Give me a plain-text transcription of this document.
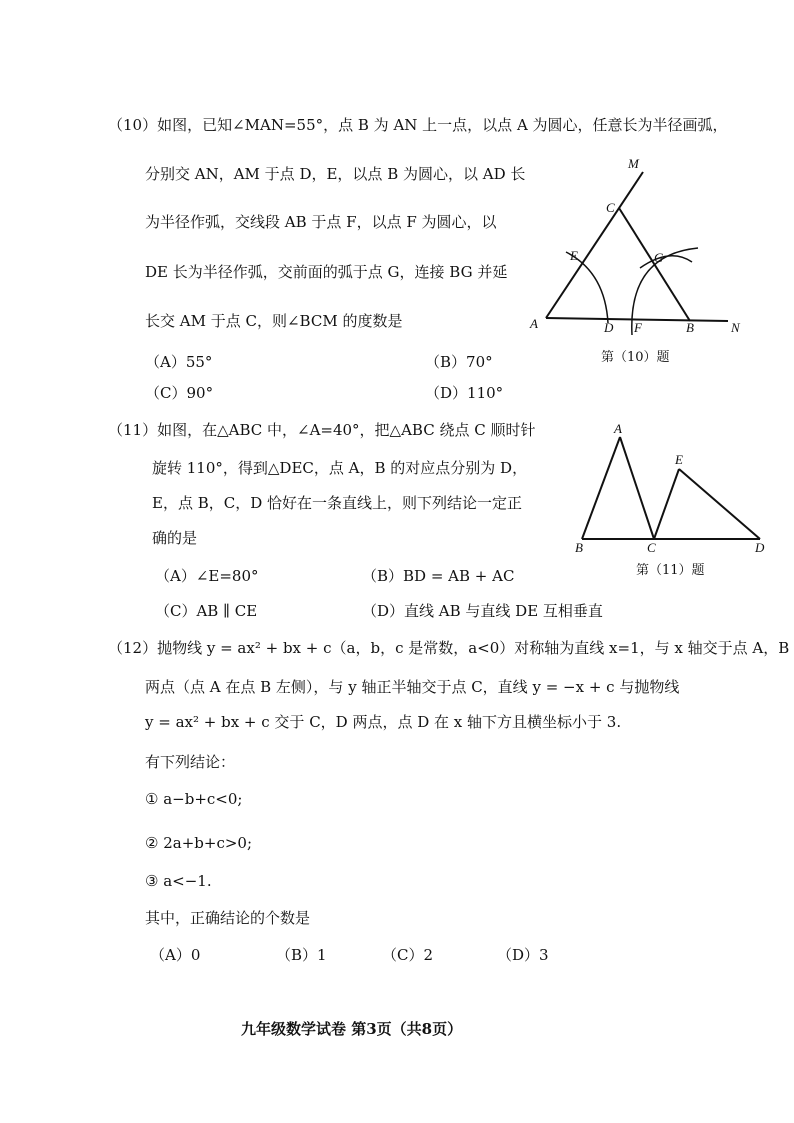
（10）如图，已知∠MAN=55°，点 B 为 AN 上一点，以点 A 为圆心，任意长为半径画弧，
分别交 AN，AM 于点 D，E，以点 B 为圆心，以 AD 长
为半径作弧，交线段 AB 于点 F，以点 F 为圆心，以
DE 长为半径作弧，交前面的弧于点 G，连接 BG 并延
长交 AM 于点 C，则∠BCM 的度数是
（A）55°	（B）70°
（C）90°	（D）110°
M
C
E	G
A	D F	B	N
第（10）题
（11）如图，在△ABC 中，∠A=40°，把△ABC 绕点 C 顺时针
旋转 110°，得到△DEC，点 A，B 的对应点分别为 D，
E，点 B，C，D 恰好在一条直线上，则下列结论一定正
确的是
（A）∠E=80°	（B）BD = AB + AC
（C）AB ∥ CE	（D）直线 AB 与直线 DE 互相垂直
A
E
B	C	D
第（11）题
（12）抛物线 y = ax² + bx + c（a，b，c 是常数，a<0）对称轴为直线 x=1，与 x 轴交于点 A，B
两点（点 A 在点 B 左侧），与 y 轴正半轴交于点 C，直线 y = −x + c 与抛物线
y = ax² + bx + c 交于 C，D 两点，点 D 在 x 轴下方且横坐标小于 3.
有下列结论：
① a−b+c<0;
② 2a+b+c>0;
③ a<−1.
其中，正确结论的个数是
（A）0	（B）1	（C）2	（D）3
九年级数学试卷 第3页（共8页）
